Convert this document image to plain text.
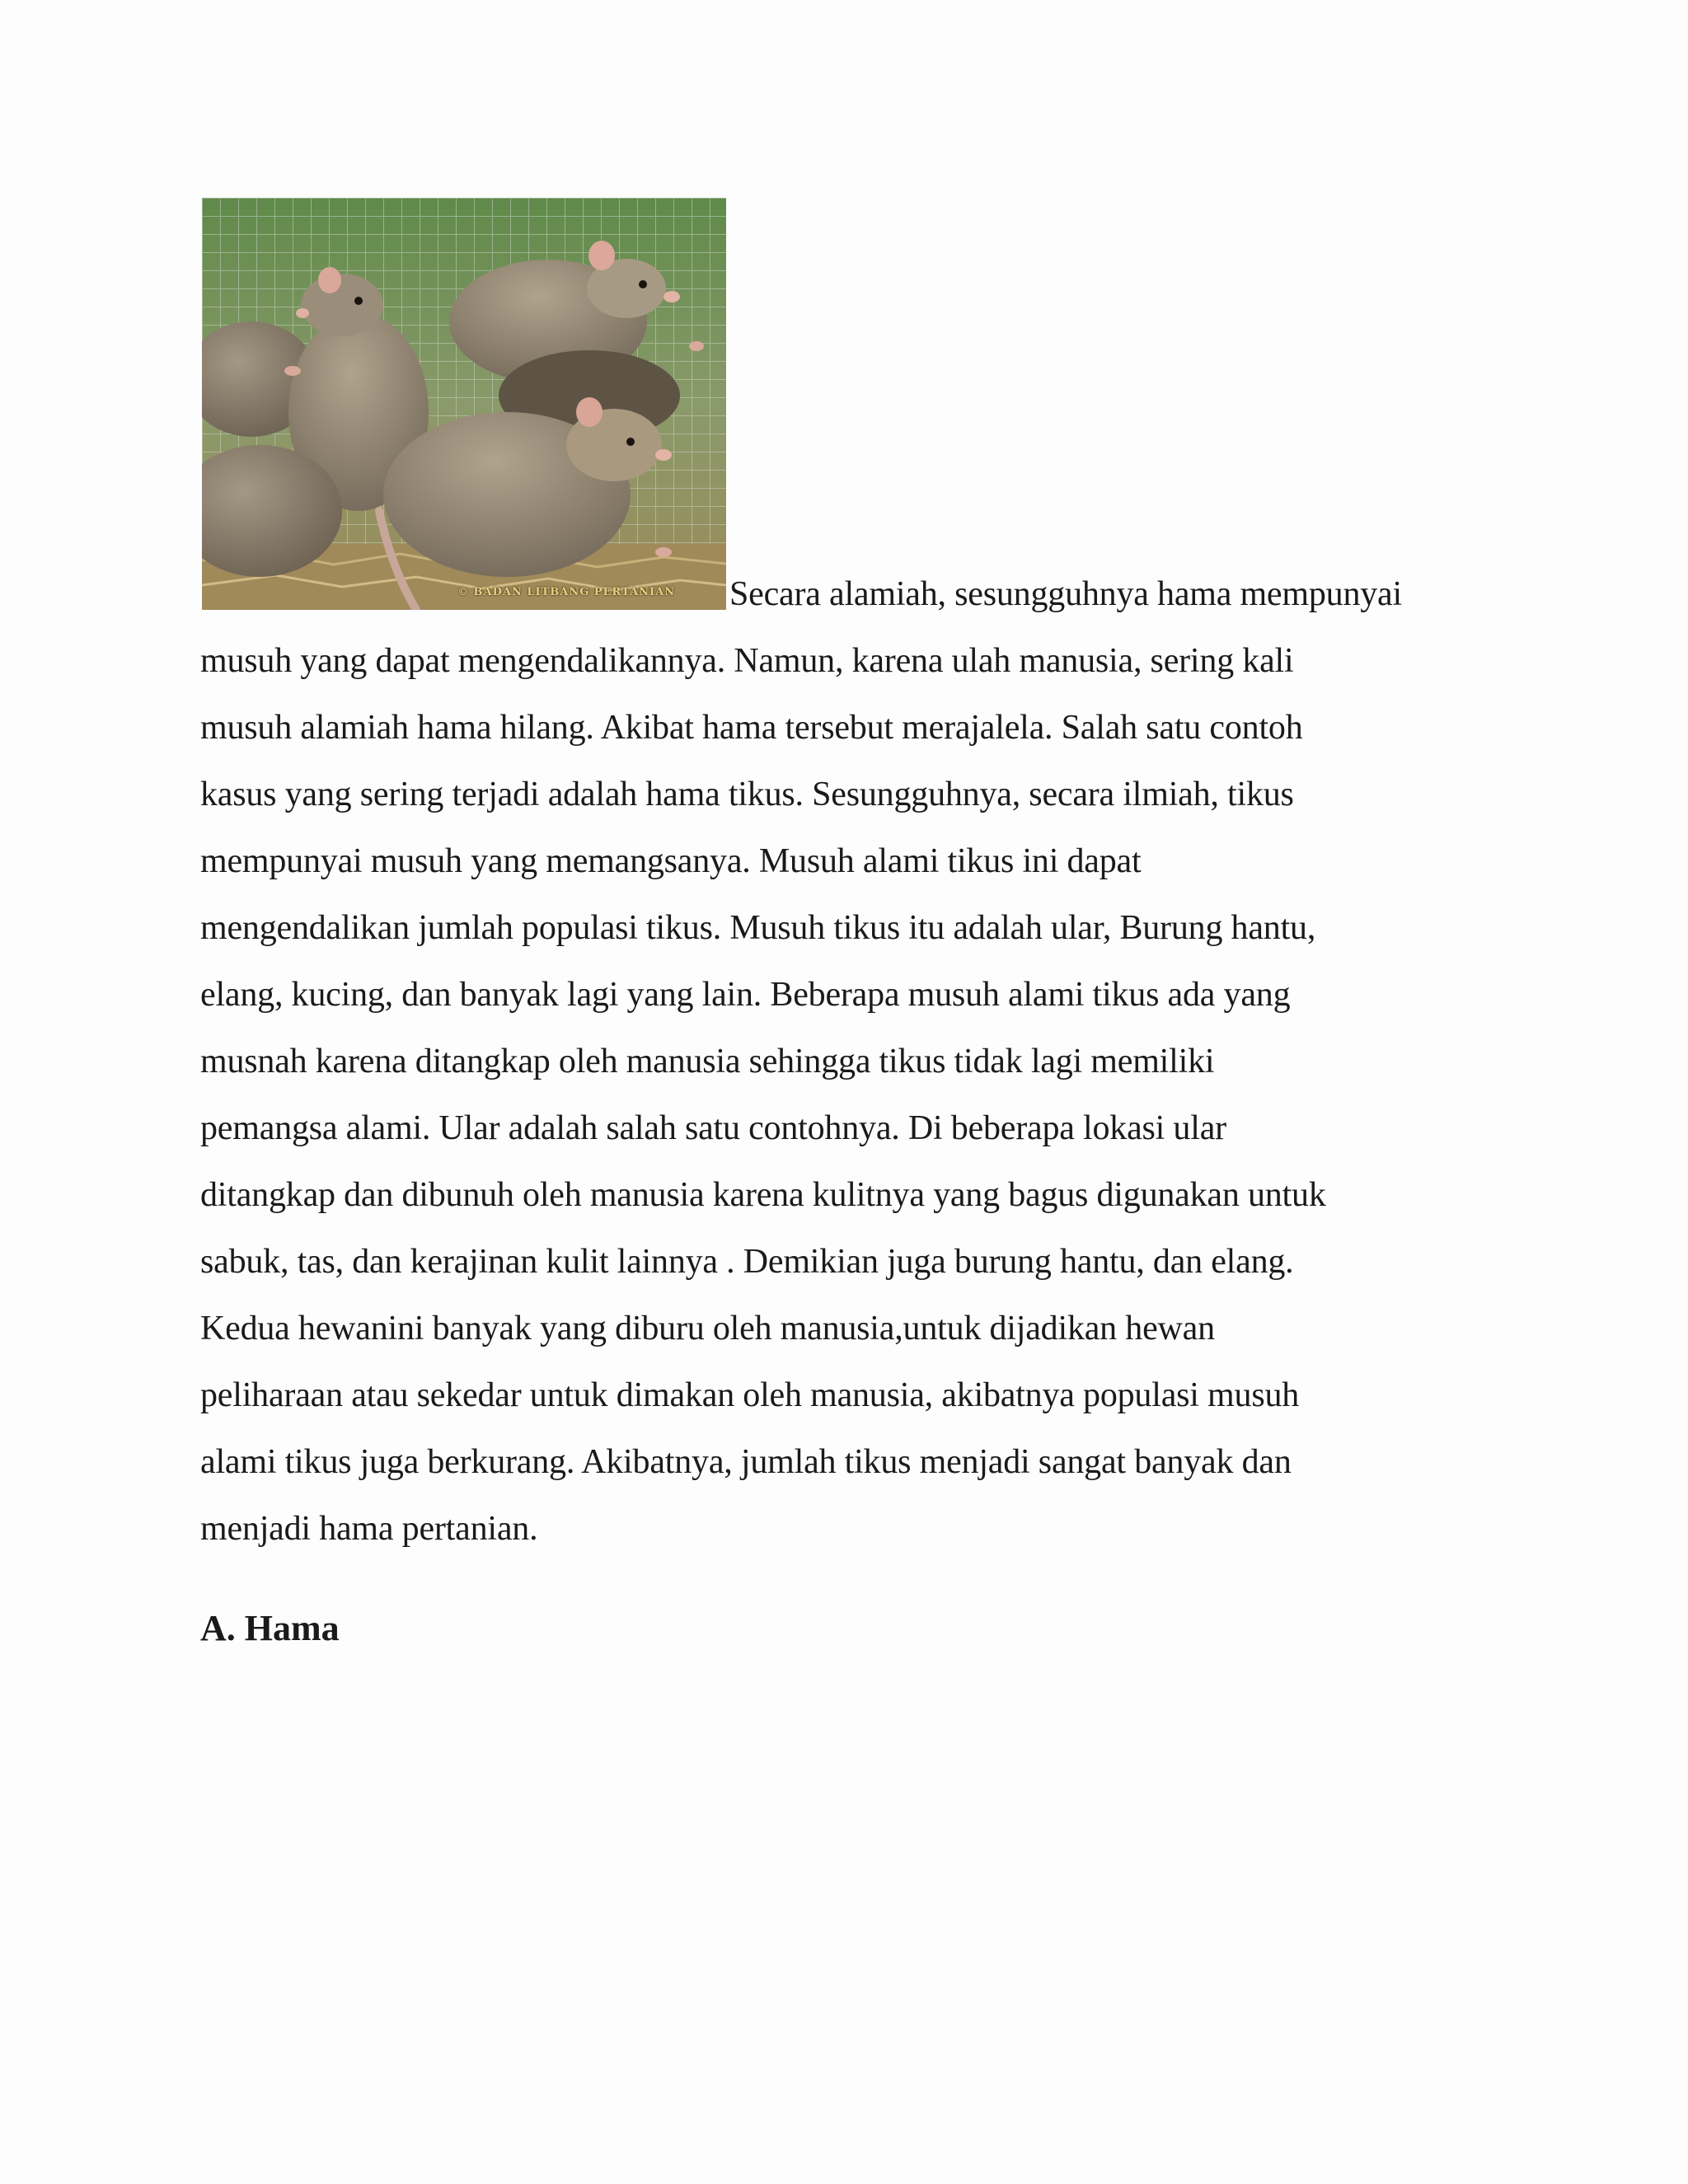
© BADAN LITBANG PERTANIAN Secara alamiah, sesungguhnya hama mempunyai
musuh yang dapat mengendalikannya. Namun, karena ulah manusia, sering kali
musuh alamiah hama hilang. Akibat hama tersebut merajalela. Salah satu contoh
kasus yang sering terjadi adalah hama tikus. Sesungguhnya, secara ilmiah, tikus
mempunyai musuh yang memangsanya. Musuh alami tikus ini dapat
mengendalikan jumlah populasi tikus. Musuh tikus itu adalah ular, Burung hantu,
elang, kucing, dan banyak lagi yang lain. Beberapa musuh alami tikus ada yang
musnah karena ditangkap oleh manusia sehingga tikus tidak lagi memiliki
pemangsa alami. Ular adalah salah satu contohnya. Di beberapa lokasi ular
ditangkap dan dibunuh oleh manusia karena kulitnya yang bagus digunakan untuk
sabuk, tas, dan kerajinan kulit lainnya . Demikian juga burung hantu, dan elang.
Kedua hewanini banyak yang diburu oleh manusia,untuk dijadikan hewan
peliharaan atau sekedar untuk dimakan oleh manusia, akibatnya populasi musuh
alami tikus juga berkurang. Akibatnya, jumlah tikus menjadi sangat banyak dan
menjadi hama pertanian.
A. Hama
